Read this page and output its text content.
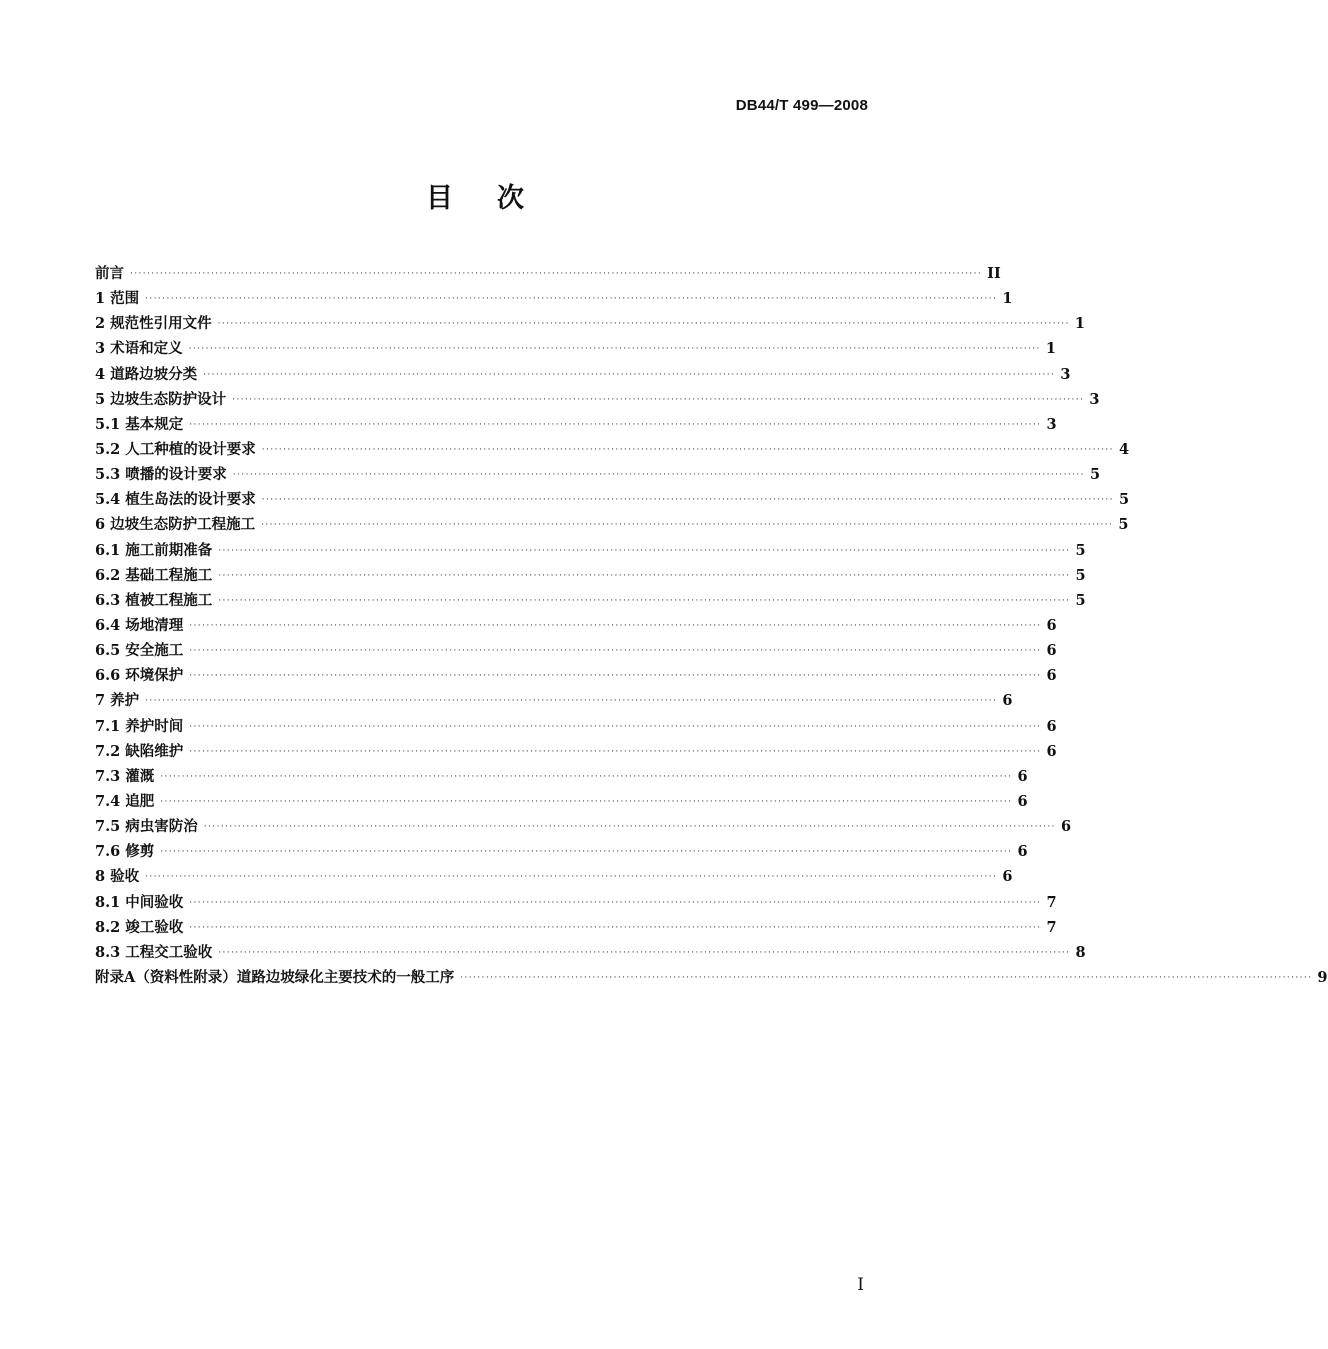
DB44/T 499—2008
目次
前言 ········································································································································································································ II
1 范围 ········································································································································································································ 1
2 规范性引用文件 ········································································································································································································ 1
3 术语和定义 ········································································································································································································ 1
4 道路边坡分类 ········································································································································································································ 3
5 边坡生态防护设计 ········································································································································································································ 3
5.1 基本规定 ········································································································································································································ 3
5.2 人工种植的设计要求 ········································································································································································································ 4
5.3 喷播的设计要求 ········································································································································································································ 5
5.4 植生岛法的设计要求 ········································································································································································································ 5
6 边坡生态防护工程施工 ········································································································································································································ 5
6.1 施工前期准备 ········································································································································································································ 5
6.2 基础工程施工 ········································································································································································································ 5
6.3 植被工程施工 ········································································································································································································ 5
6.4 场地清理 ········································································································································································································ 6
6.5 安全施工 ········································································································································································································ 6
6.6 环境保护 ········································································································································································································ 6
7 养护 ········································································································································································································ 6
7.1 养护时间 ········································································································································································································ 6
7.2 缺陷维护 ········································································································································································································ 6
7.3 灌溉 ········································································································································································································ 6
7.4 追肥 ········································································································································································································ 6
7.5 病虫害防治 ········································································································································································································ 6
7.6 修剪 ········································································································································································································ 6
8 验收 ········································································································································································································ 6
8.1 中间验收 ········································································································································································································ 7
8.2 竣工验收 ········································································································································································································ 7
8.3 工程交工验收 ········································································································································································································ 8
附录A（资料性附录）道路边坡绿化主要技术的一般工序 ········································································································································································································ 9
I
